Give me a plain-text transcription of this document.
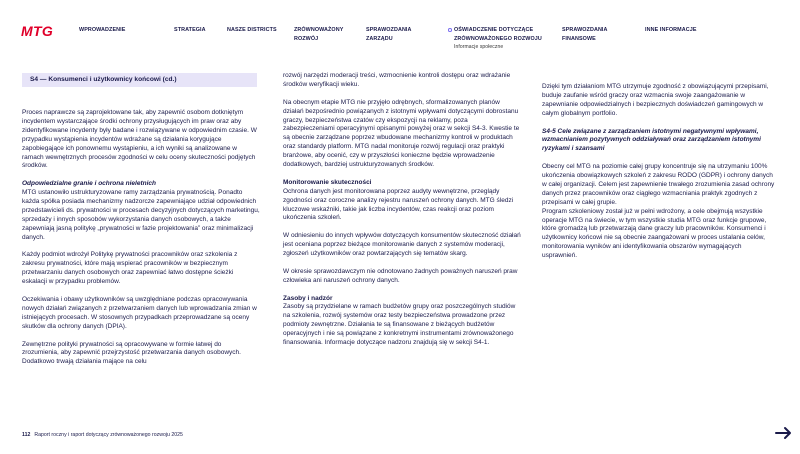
MTG	WPROWADZENIE	STRATEGIA	NASZE DISTRICTS	ZRÓWNOWAŻONY ROZWÓJ
SPRAWOZDANIA ZARZĄDU
OŚWIADCZENIE DOTYCZĄCE ZRÓWNOWAŻONEGO ROZWOJU
Informacje społeczne
SPRAWOZDANIA FINANSOWE
INNE INFORMACJE
S4 — Konsumenci i użytkownicy końcowi (cd.)

Proces naprawcze są zaprojektowane tak, aby zapewnić osobom dotkniętym incydentem wystarczające środki ochrony przysługujących im praw oraz aby zidentyfikowane incydenty były badane i rozwiązywane w odpowiednim czasie. W przypadku wystąpienia incydentów wdrażane są działania korygujące zapobiegające ich ponownemu wystąpieniu, a ich wyniki są analizowane w ramach wewnętrznych procesów zgodności w celu oceny skuteczności podjętych środków.

Odpowiedzialne granie i ochrona nieletnich

MTG ustanowiło ustrukturyzowane ramy zarządzania prywatnością. Ponadto każda spółka posiada mechanizmy nadzorcze zapewniające udział odpowiednich przedstawicieli ds. prywatności w procesach decyzyjnych dotyczących marketingu, sprzedaży i innych sposobów wykorzystania danych osobowych, a także zapewniają jasną politykę „prywatności w fazie projektowania” oraz minimalizacji danych.

Każdy podmiot wdrożył Politykę prywatności pracowników oraz szkolenia z zakresu prywatności, które mają wspierać pracowników w bezpiecznym przetwarzaniu danych osobowych oraz zapewniać łatwo dostępne ścieżki eskalacji w przypadku problemów.

Oczekiwania i obawy użytkowników są uwzględniane podczas opracowywania nowych działań związanych z przetwarzaniem danych lub wprowadzania zmian w istniejących procesach. W stosownych przypadkach przeprowadzane są oceny skutków dla ochrony danych (DPIA).

Zewnętrzne polityki prywatności są opracowywane w formie łatwej do zrozumienia, aby zapewnić przejrzystość przetwarzania danych osobowych. Dodatkowo trwają działania mające na celu

rozwój narzędzi moderacji treści, wzmocnienie kontroli dostępu oraz wdrażanie środków weryfikacji wieku.

Na obecnym etapie MTG nie przyjęło odrębnych, sformalizowanych planów działań bezpośrednio powiązanych z istotnymi wpływami dotyczącymi dobrostanu graczy, bezpieczeństwa czatów czy ekspozycji na reklamy, poza zabezpieczeniami operacyjnymi opisanymi powyżej oraz w sekcji S4-3. Kwestie te są obecnie zarządzane poprzez wbudowane mechanizmy kontroli w produktach oraz standardy platform. MTG nadal monitoruje rozwój regulacji oraz praktyki branżowe, aby ocenić, czy w przyszłości konieczne będzie wprowadzenie dodatkowych, bardziej ustrukturyzowanych środków.

Monitorowanie skuteczności

Ochrona danych jest monitorowana poprzez audyty wewnętrzne, przeglądy zgodności oraz coroczne analizy rejestru naruszeń ochrony danych. MTG śledzi kluczowe wskaźniki, takie jak liczba incydentów, czas reakcji oraz poziom ukończenia szkoleń.

W odniesieniu do innych wpływów dotyczących konsumentów skuteczność działań jest oceniana poprzez bieżące monitorowanie danych z systemów moderacji, zgłoszeń użytkowników oraz powtarzających się tematów skarg.

W okresie sprawozdawczym nie odnotowano żadnych poważnych naruszeń praw człowieka ani naruszeń ochrony danych.

Zasoby i nadzór

Zasoby są przydzielane w ramach budżetów grupy oraz poszczególnych studiów na szkolenia, rozwój systemów oraz testy bezpieczeństwa prowadzone przez podmioty zewnętrzne. Działania te są finansowane z bieżących budżetów operacyjnych i nie są powiązane z konkretnymi instrumentami zrównoważonego finansowania. Informacje dotyczące nadzoru znajdują się w sekcji S4-1.

Dzięki tym działaniom MTG utrzymuje zgodność z obowiązującymi przepisami, buduje zaufanie wśród graczy oraz wzmacnia swoje zaangażowanie w zapewnianie odpowiedzialnych i bezpiecznych doświadczeń gamingowych w całym globalnym portfolio.

S4-5 Cele związane z zarządzaniem istotnymi negatywnymi wpływami, wzmacnianiem pozytywnych oddziaływań oraz zarządzaniem istotnymi ryzykami i szansami

Obecny cel MTG na poziomie całej grupy koncentruje się na utrzymaniu 100% ukończenia obowiązkowych szkoleń z zakresu RODO (GDPR) i ochrony danych w całej organizacji. Celem jest zapewnienie trwałego zrozumienia zasad ochrony danych przez pracowników oraz ciągłego wzmacniania praktyk zgodnych z przepisami w całej grupie.

Program szkoleniowy został już w pełni wdrożony, a cele obejmują wszystkie operacje MTG na świecie, w tym wszystkie studia MTG oraz funkcje grupowe, które gromadzą lub przetwarzają dane graczy lub pracowników. Konsumenci i użytkownicy końcowi nie są obecnie zaangażowani w proces ustalania celów, monitorowania wyników ani identyfikowania obszarów wymagających usprawnień.

112 Raport roczny i raport dotyczący zrównoważonego rozwoju 2025
